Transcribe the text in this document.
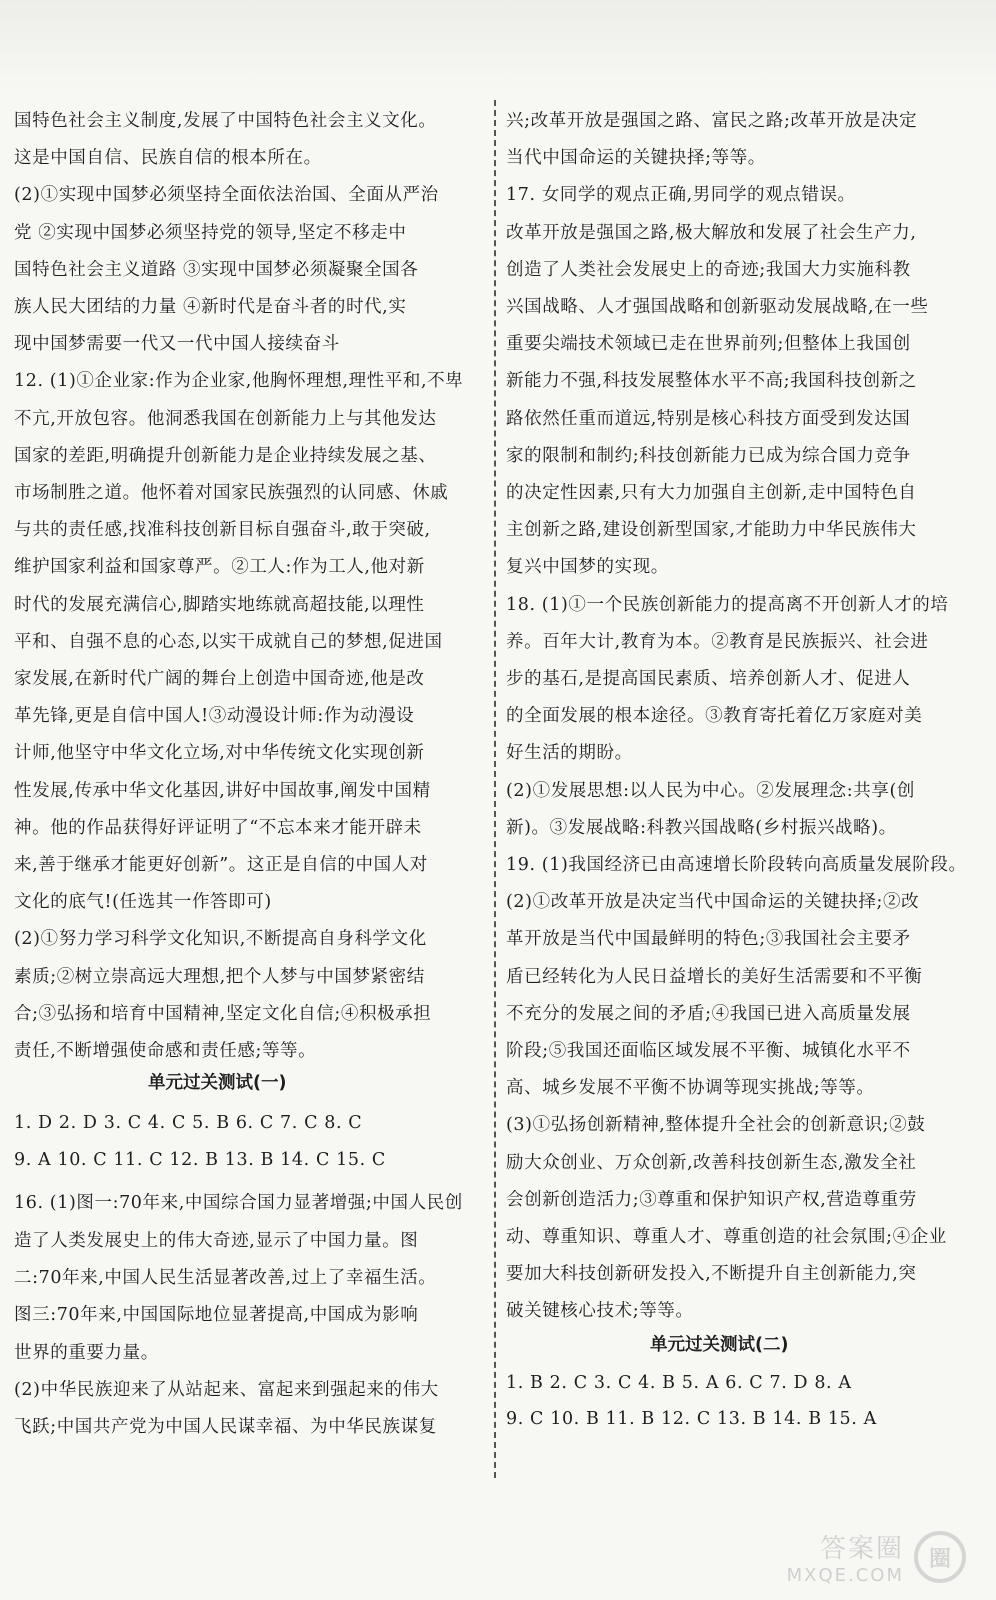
国特色社会主义制度,发展了中国特色社会主义文化。
这是中国自信、民族自信的根本所在。
(2)①实现中国梦必须坚持全面依法治国、全面从严治
党 ②实现中国梦必须坚持党的领导,坚定不移走中
国特色社会主义道路 ③实现中国梦必须凝聚全国各
族人民大团结的力量 ④新时代是奋斗者的时代,实
现中国梦需要一代又一代中国人接续奋斗
12. (1)①企业家:作为企业家,他胸怀理想,理性平和,不卑
不亢,开放包容。他洞悉我国在创新能力上与其他发达
国家的差距,明确提升创新能力是企业持续发展之基、
市场制胜之道。他怀着对国家民族强烈的认同感、休戚
与共的责任感,找准科技创新目标自强奋斗,敢于突破,
维护国家利益和国家尊严。②工人:作为工人,他对新
时代的发展充满信心,脚踏实地练就高超技能,以理性
平和、自强不息的心态,以实干成就自己的梦想,促进国
家发展,在新时代广阔的舞台上创造中国奇迹,他是改
革先锋,更是自信中国人!③动漫设计师:作为动漫设
计师,他坚守中华文化立场,对中华传统文化实现创新
性发展,传承中华文化基因,讲好中国故事,阐发中国精
神。他的作品获得好评证明了“不忘本来才能开辟未
来,善于继承才能更好创新”。这正是自信的中国人对
文化的底气!(任选其一作答即可)
(2)①努力学习科学文化知识,不断提高自身科学文化
素质;②树立崇高远大理想,把个人梦与中国梦紧密结
合;③弘扬和培育中国精神,坚定文化自信;④积极承担
责任,不断增强使命感和责任感;等等。
1. D 2. D 3. C 4. C 5. B 6. C 7. C 8. C
9. A 10. C 11. C 12. B 13. B 14. C 15. C
16. (1)图一:70年来,中国综合国力显著增强;中国人民创
造了人类发展史上的伟大奇迹,显示了中国力量。图
二:70年来,中国人民生活显著改善,过上了幸福生活。
图三:70年来,中国国际地位显著提高,中国成为影响
世界的重要力量。
(2)中华民族迎来了从站起来、富起来到强起来的伟大
飞跃;中国共产党为中国人民谋幸福、为中华民族谋复
兴;改革开放是强国之路、富民之路;改革开放是决定
当代中国命运的关键抉择;等等。
17. 女同学的观点正确,男同学的观点错误。
改革开放是强国之路,极大解放和发展了社会生产力,
创造了人类社会发展史上的奇迹;我国大力实施科教
兴国战略、人才强国战略和创新驱动发展战略,在一些
重要尖端技术领域已走在世界前列;但整体上我国创
新能力不强,科技发展整体水平不高;我国科技创新之
路依然任重而道远,特别是核心科技方面受到发达国
家的限制和制约;科技创新能力已成为综合国力竞争
的决定性因素,只有大力加强自主创新,走中国特色自
主创新之路,建设创新型国家,才能助力中华民族伟大
复兴中国梦的实现。
18. (1)①一个民族创新能力的提高离不开创新人才的培
养。百年大计,教育为本。②教育是民族振兴、社会进
步的基石,是提高国民素质、培养创新人才、促进人
的全面发展的根本途径。③教育寄托着亿万家庭对美
好生活的期盼。
(2)①发展思想:以人民为中心。②发展理念:共享(创
新)。③发展战略:科教兴国战略(乡村振兴战略)。
19. (1)我国经济已由高速增长阶段转向高质量发展阶段。
(2)①改革开放是决定当代中国命运的关键抉择;②改
革开放是当代中国最鲜明的特色;③我国社会主要矛
盾已经转化为人民日益增长的美好生活需要和不平衡
不充分的发展之间的矛盾;④我国已进入高质量发展
阶段;⑤我国还面临区域发展不平衡、城镇化水平不
高、城乡发展不平衡不协调等现实挑战;等等。
(3)①弘扬创新精神,整体提升全社会的创新意识;②鼓
励大众创业、万众创新,改善科技创新生态,激发全社
会创新创造活力;③尊重和保护知识产权,营造尊重劳
动、尊重知识、尊重人才、尊重创造的社会氛围;④企业
要加大科技创新研发投入,不断提升自主创新能力,突
破关键核心技术;等等。
1. B 2. C 3. C 4. B 5. A 6. C 7. D 8. A
9. C 10. B 11. B 12. C 13. B 14. B 15. A
单元过关测试(一)
单元过关测试(二)
答案圈
MXQE.COM
圈
